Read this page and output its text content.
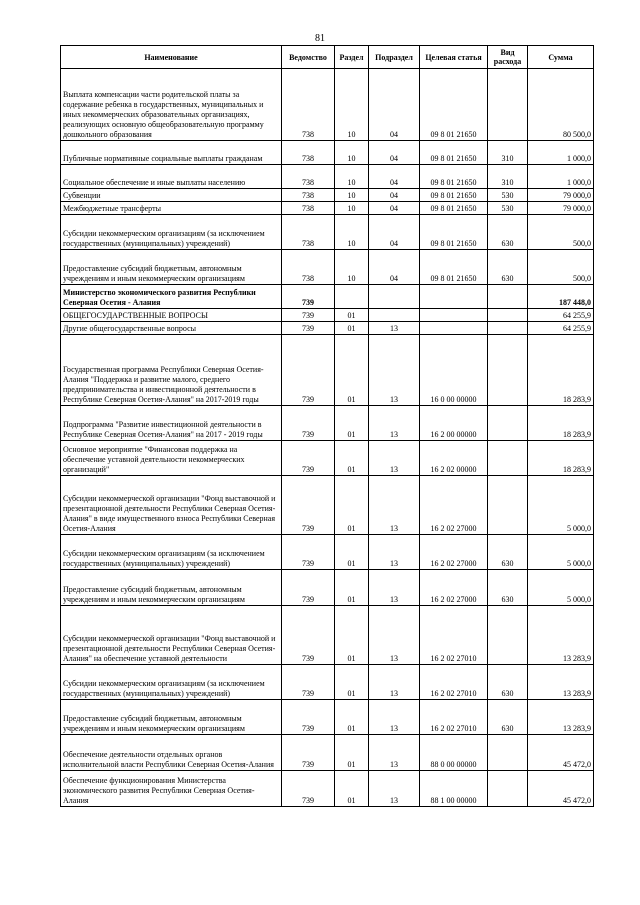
81
Наименование	Ведомство	Раздел	Подраздел	Целевая статья	Вид расхода	Сумма
Выплата компенсации части родительской платы за содержание ребенка в государственных, муниципальных и иных некоммерческих образовательных организациях, реализующих основную общеобразовательную программу дошкольного образования	738	10	04	09 8 01 21650		80 500,0
Публичные нормативные социальные выплаты гражданам	738	10	04	09 8 01 21650	310	1 000,0
Социальное обеспечение и иные выплаты населению	738	10	04	09 8 01 21650	310	1 000,0
Субвенции	738	10	04	09 8 01 21650	530	79 000,0
Межбюджетные трансферты	738	10	04	09 8 01 21650	530	79 000,0
Субсидии некоммерческим организациям (за исключением государственных (муниципальных) учреждений)	738	10	04	09 8 01 21650	630	500,0
Предоставление субсидий бюджетным, автономным учреждениям и иным некоммерческим организациям	738	10	04	09 8 01 21650	630	500,0
Министерство экономического развития Республики Северная Осетия - Алания	739					187 448,0
ОБЩЕГОСУДАРСТВЕННЫЕ ВОПРОСЫ	739	01				64 255,9
Другие общегосударственные вопросы	739	01	13			64 255,9
Государственная программа Республики Северная Осетия-Алания "Поддержка и развитие малого, среднего предпринимательства и инвестиционной деятельности в Республике Северная Осетия-Алания" на 2017-2019 годы	739	01	13	16 0 00 00000		18 283,9
Подпрограмма "Развитие инвестиционной деятельности в Республике Северная Осетия-Алания" на 2017 - 2019 годы	739	01	13	16 2 00 00000		18 283,9
Основное мероприятие "Финансовая поддержка на обеспечение уставной деятельности некоммерческих организаций"	739	01	13	16 2 02 00000		18 283,9
Субсидии некоммерческой организации "Фонд выставочной и презентационной деятельности Республики Северная Осетия-Алания" в виде имущественного взноса Республики Северная Осетия-Алания	739	01	13	16 2 02 27000		5 000,0
Субсидии некоммерческим организациям (за исключением государственных (муниципальных) учреждений)	739	01	13	16 2 02 27000	630	5 000,0
Предоставление субсидий бюджетным, автономным учреждениям и иным некоммерческим организациям	739	01	13	16 2 02 27000	630	5 000,0
Субсидии некоммерческой организации "Фонд выставочной и презентационной деятельности Республики Северная Осетия-Алания" на обеспечение уставной деятельности	739	01	13	16 2 02 27010		13 283,9
Субсидии некоммерческим организациям (за исключением государственных (муниципальных) учреждений)	739	01	13	16 2 02 27010	630	13 283,9
Предоставление субсидий бюджетным, автономным учреждениям и иным некоммерческим организациям	739	01	13	16 2 02 27010	630	13 283,9
Обеспечение деятельности отдельных органов исполнительной власти Республики Северная Осетия-Алания	739	01	13	88 0 00 00000		45 472,0
Обеспечение функционирования Министерства экономического развития Республики Северная Осетия-Алания	739	01	13	88 1 00 00000		45 472,0
